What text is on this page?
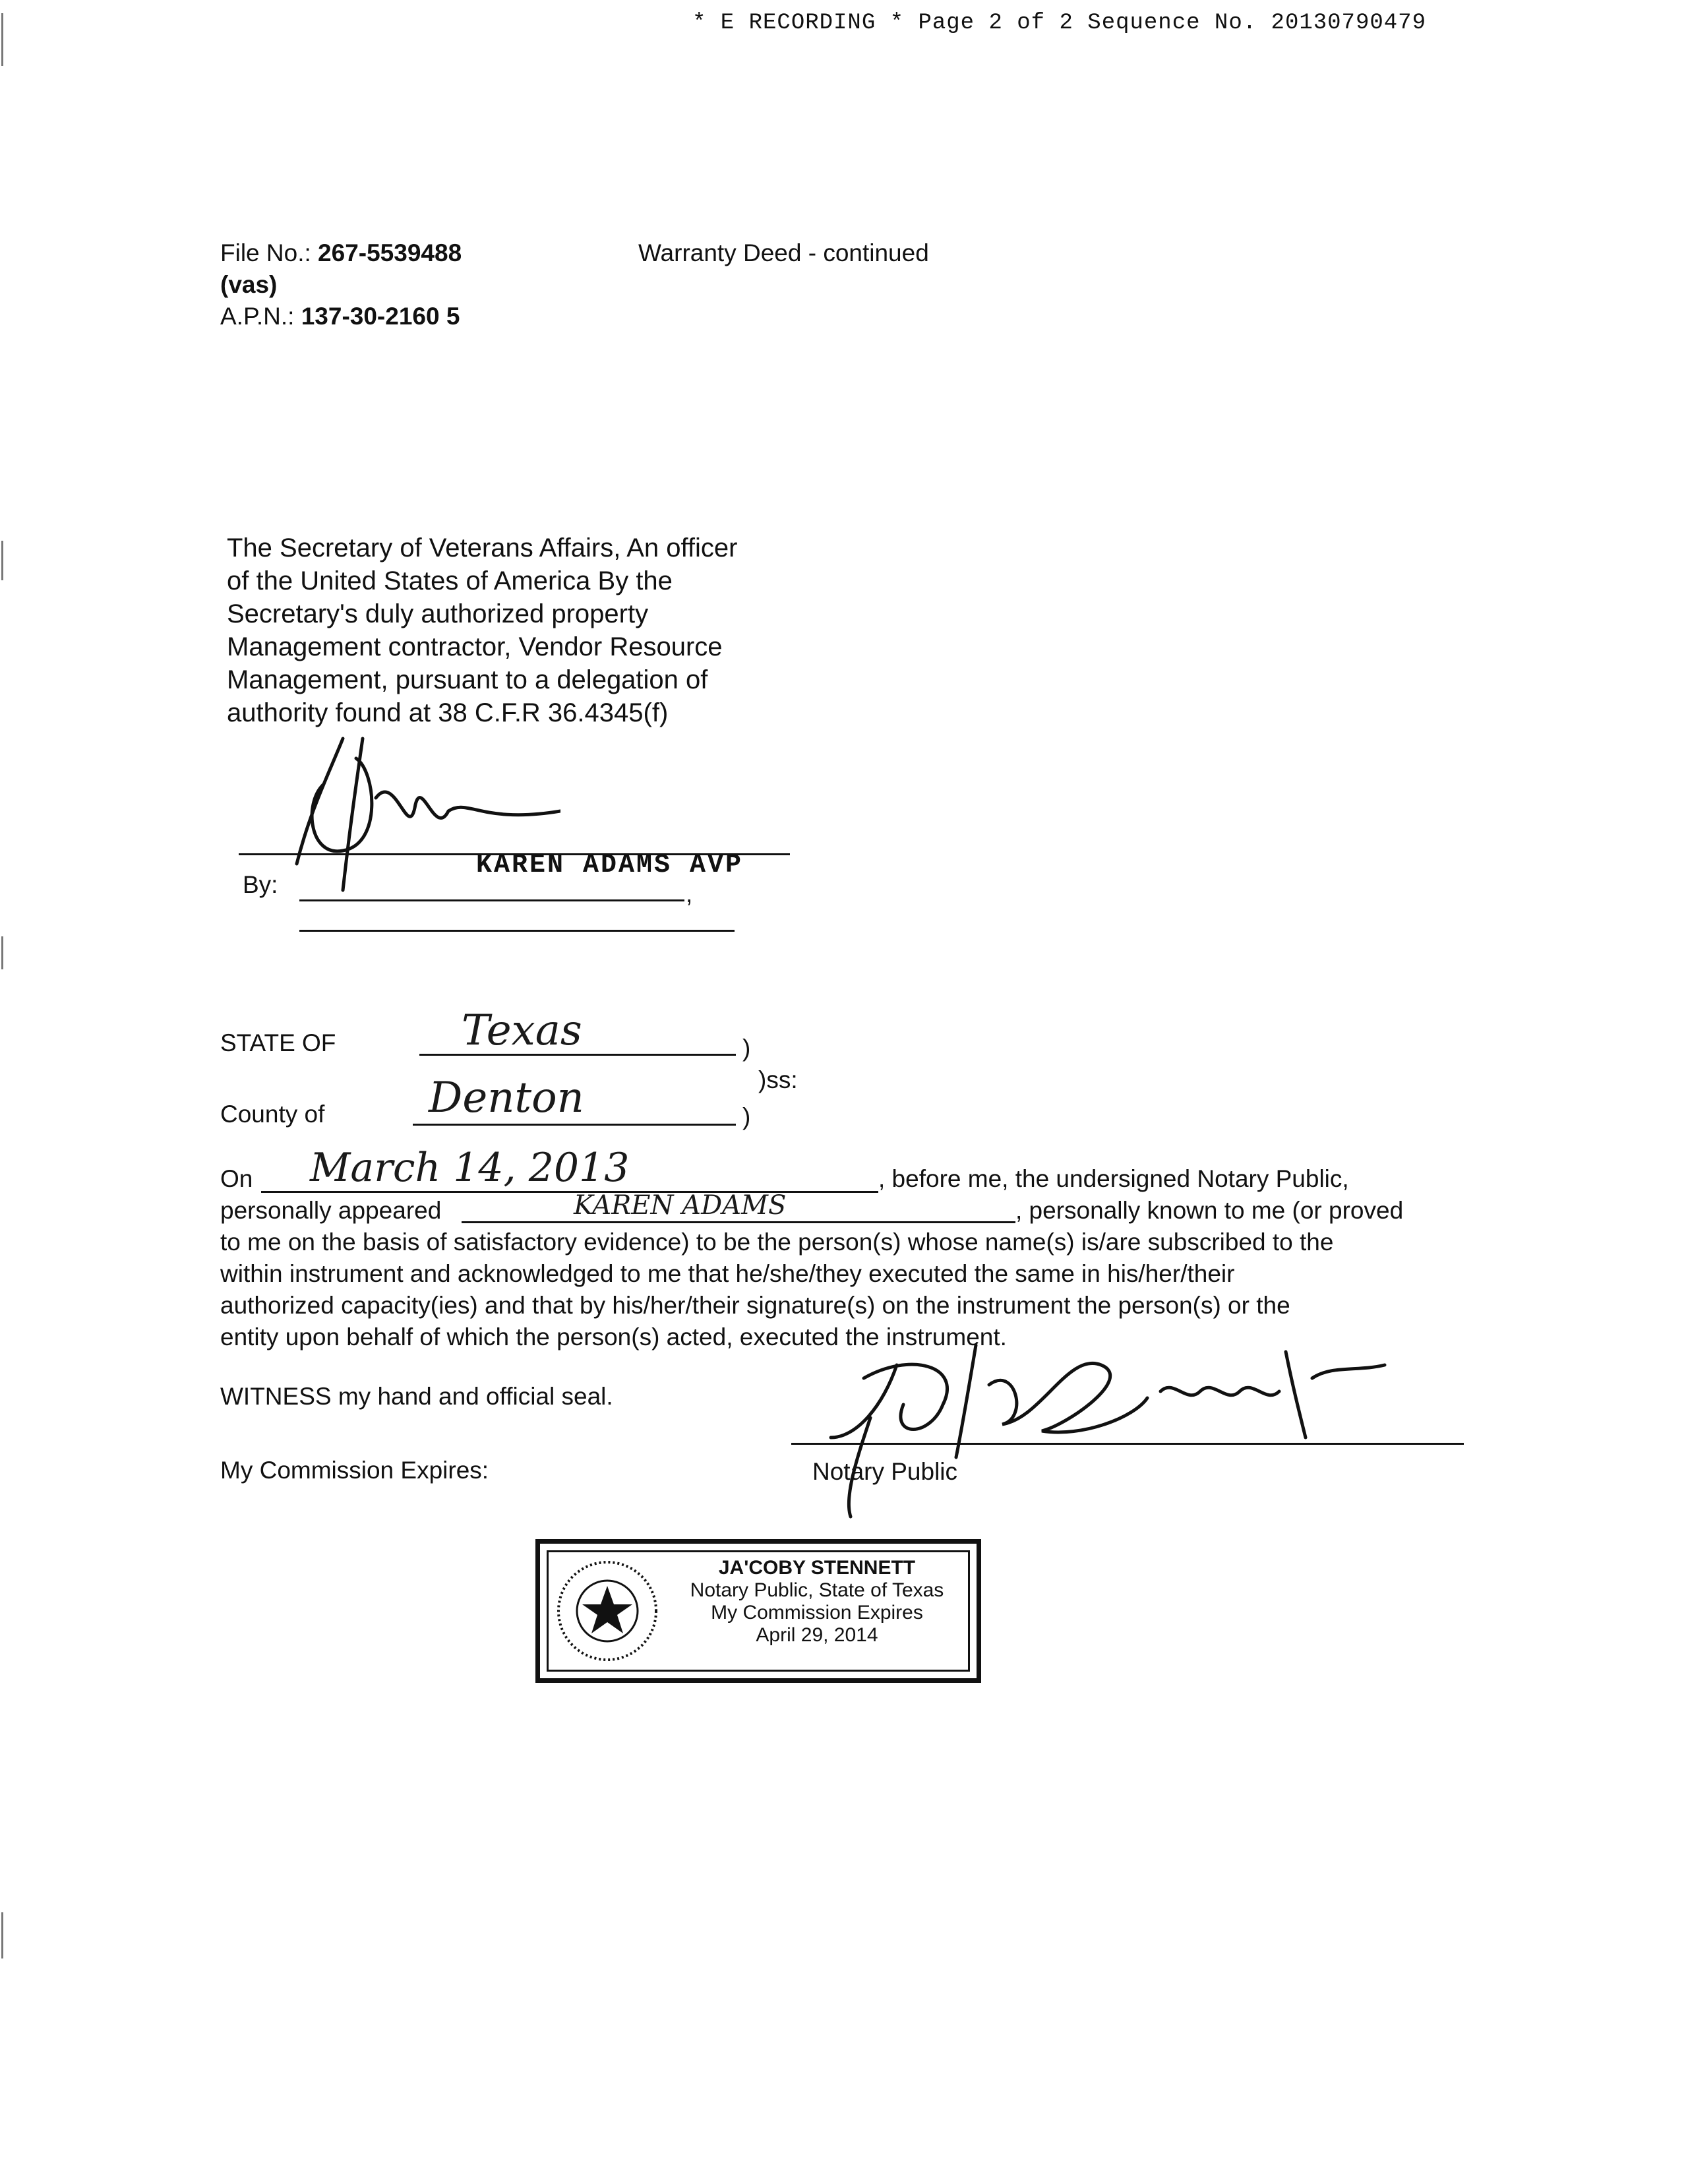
* E RECORDING * Page 2 of 2 Sequence No. 20130790479
File No.: 267-5539488
(vas)
A.P.N.: 137-30-2160 5
Warranty Deed - continued
The Secretary of Veterans Affairs, An officer
of the United States of America By the
Secretary's duly authorized property
Management contractor, Vendor Resource
Management, pursuant to a delegation of
authority found at 38 C.F.R 36.4345(f)
By:
KAREN ADAMS AVP
,
STATE OF	Texas	)
)ss:
County of Denton	)
On March 14, 2013	, before me, the undersigned Notary Public,
personally appeared	KAREN ADAMS	, personally known to me (or proved
to me on the basis of satisfactory evidence) to be the person(s) whose name(s) is/are subscribed to the
within instrument and acknowledged to me that he/she/they executed the same in his/her/their
authorized capacity(ies) and that by his/her/their signature(s) on the instrument the person(s) or the
entity upon behalf of which the person(s) acted, executed the instrument.
WITNESS my hand and official seal.
My Commission Expires:	Notary Public
JA'COBY STENNETT
Notary Public, State of Texas
My Commission Expires
April 29, 2014
